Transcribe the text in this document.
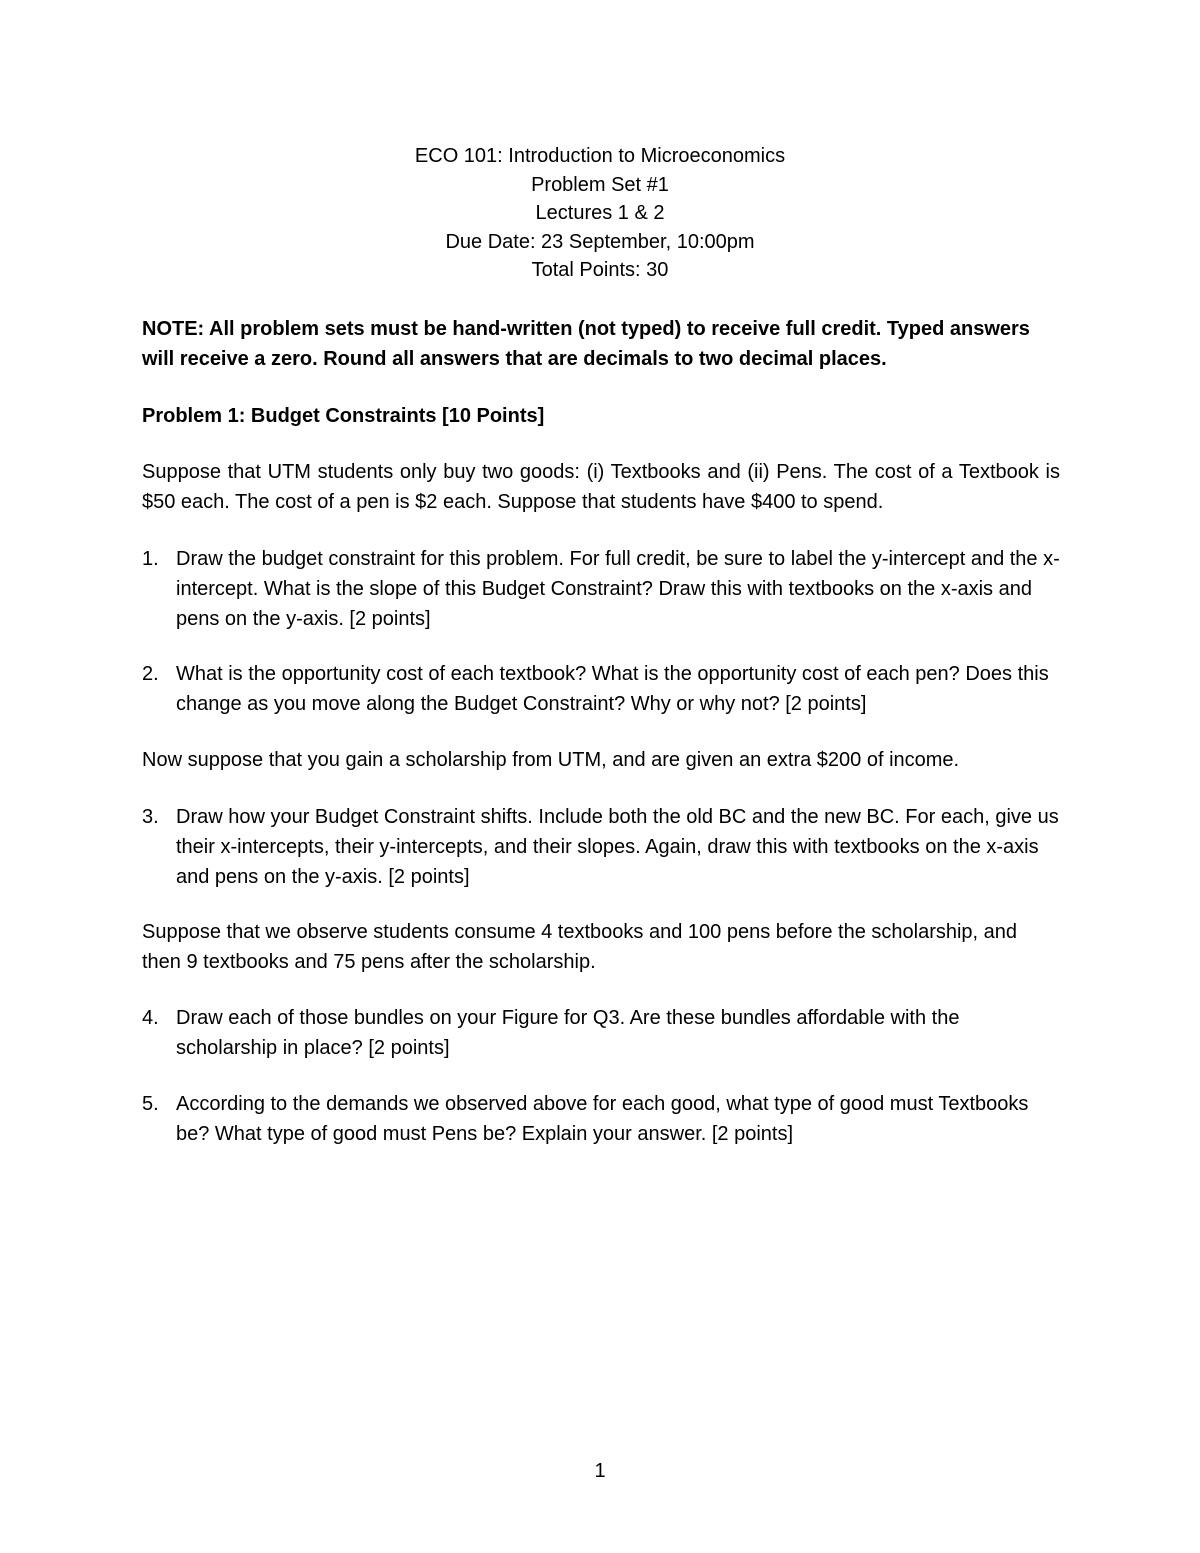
ECO 101: Introduction to Microeconomics
Problem Set #1
Lectures 1 & 2
Due Date: 23 September, 10:00pm
Total Points: 30
NOTE: All problem sets must be hand-written (not typed) to receive full credit. Typed answers will receive a zero. Round all answers that are decimals to two decimal places.
Problem 1: Budget Constraints [10 Points]
Suppose that UTM students only buy two goods: (i) Textbooks and (ii) Pens. The cost of a Textbook is $50 each. The cost of a pen is $2 each. Suppose that students have $400 to spend.
1. Draw the budget constraint for this problem. For full credit, be sure to label the y-intercept and the x-intercept. What is the slope of this Budget Constraint? Draw this with textbooks on the x-axis and pens on the y-axis. [2 points]
2. What is the opportunity cost of each textbook? What is the opportunity cost of each pen? Does this change as you move along the Budget Constraint? Why or why not? [2 points]
Now suppose that you gain a scholarship from UTM, and are given an extra $200 of income.
3. Draw how your Budget Constraint shifts. Include both the old BC and the new BC. For each, give us their x-intercepts, their y-intercepts, and their slopes. Again, draw this with textbooks on the x-axis and pens on the y-axis. [2 points]
Suppose that we observe students consume 4 textbooks and 100 pens before the scholarship, and then 9 textbooks and 75 pens after the scholarship.
4. Draw each of those bundles on your Figure for Q3. Are these bundles affordable with the scholarship in place? [2 points]
5. According to the demands we observed above for each good, what type of good must Textbooks be? What type of good must Pens be? Explain your answer. [2 points]
1
